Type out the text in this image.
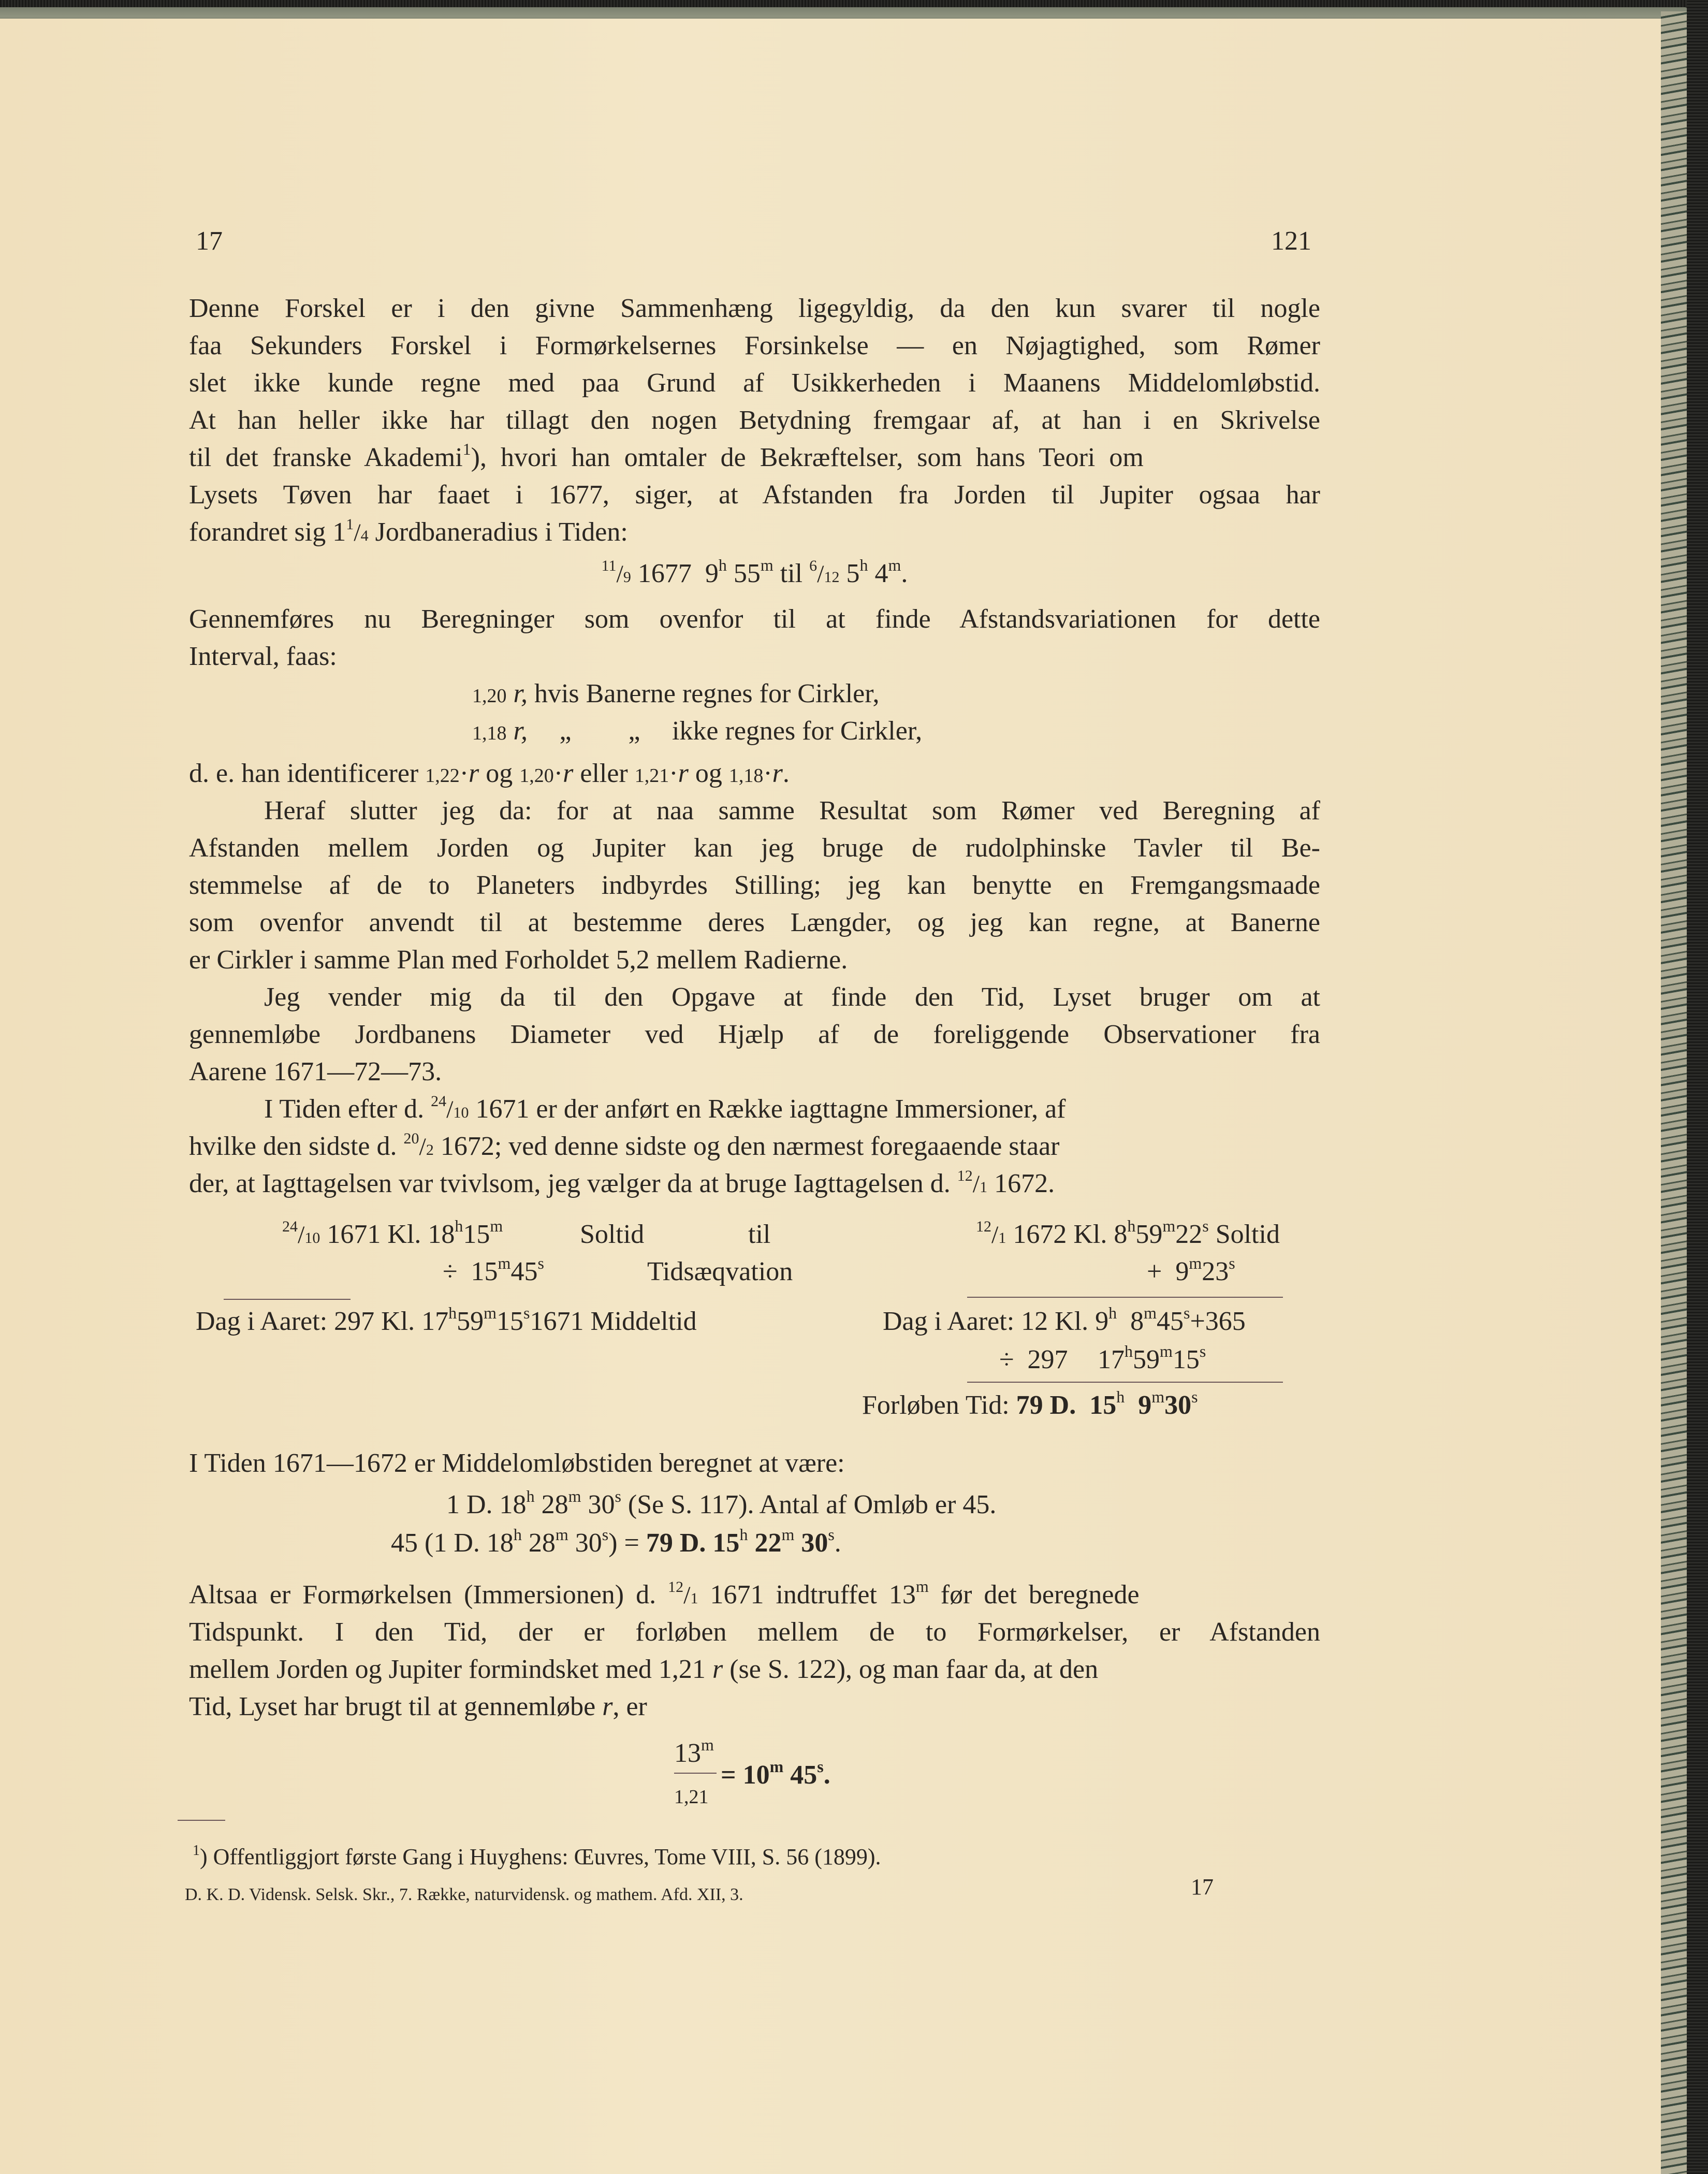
17	121
Denne Forskel er i den givne Sammenhæng ligegyldig, da den kun svarer til nogle
faa Sekunders Forskel i Formørkelsernes Forsinkelse — en Nøjagtighed, som Rømer
slet ikke kunde regne med paa Grund af Usikkerheden i Maanens Middelomløbstid.
At han heller ikke har tillagt den nogen Betydning fremgaar af, at han i en Skrivelse
til det franske Akademi$^1$), hvori han omtaler de Bekræftelser, som hans Teori om
Lysets Tøven har faaet i 1677, siger, at Afstanden fra Jorden til Jupiter ogsaa har
forandret sig $1^1/4$ Jordbaneradius i Tiden:
$^{11}$/9 1677 9$^h$ 55$^m$ til $^6$/12 5$^h$ 4$^m$.
Gennemføres nu Beregninger som ovenfor til at finde Afstandsvariationen for dette
Interval, faas:
1,20 r, hvis Banerne regnes for Cirkler,
1,18 r, „ „ ikke regnes for Cirkler,
d. e. han identificerer 1,22·r og 1,20·r eller 1,21·r og 1,18·r.
Heraf slutter jeg da: for at naa samme Resultat som Rømer ved Beregning af
Afstanden mellem Jorden og Jupiter kan jeg bruge de rudolphinske Tavler til Be-
stemmelse af de to Planeters indbyrdes Stilling; jeg kan benytte en Fremgangsmaade
som ovenfor anvendt til at bestemme deres Længder, og jeg kan regne, at Banerne
er Cirkler i samme Plan med Forholdet 5,2 mellem Radierne.
Jeg vender mig da til den Opgave at finde den Tid, Lyset bruger om at
gennemløbe Jordbanens Diameter ved Hjælp af de foreliggende Observationer fra
Aarene 1671—72—73.
I Tiden efter d. $^{24}$/10 1671 er der anført en Række iagttagne Immersioner, af
hvilke den sidste d. $^{20}$/2 1672; ved denne sidste og den nærmest foregaaende staar
der, at Iagttagelsen var tvivlsom, jeg vælger da at bruge Iagttagelsen d. $^{12}$/1 1672.
$^{24}$/10 1671 Kl. 18$^h$15$^m$	Soltid	til
÷ $15^m45^s$	Tidsæqvation
Dag i Aaret: 297 Kl. 17$^h$59$^m$15$^s$1671 Middeltid
$^{12}$/1 1672 Kl. 8$^h$59$^m$22$^s$ Soltid
+ $9^m23^s$
Dag i Aaret: 12 Kl. 9$^h$ $8^m45^s+365$
÷ 297 17$^h$59$^m$15$^s$
Forløben Tid: 79 D. 15$^h$ 9$^m$30$^s$
I Tiden 1671—1672 er Middelomløbstiden beregnet at være:
1 D. 18$^h$ 28$^m$ 30$^s$ (Se S. 117). Antal af Omløb er 45.
45 (1 D. 18$^h$ 28$^m$ $30^s) = 79$ D. 15$^h$ 22$^m$ 30$^s$.
Altsaa er Formørkelsen (Immersionen) d. $^{12}$/1 1671 indtruffet 13$^m$ før det beregnede
Tidspunkt. I den Tid, der er forløben mellem de to Formørkelser, er Afstanden
mellem Jorden og Jupiter formindsket med 1,21 r (se S. 122), og man faar da, at den
Tid, Lyset har brugt til at gennemløbe r, er
13$^m$
1,21
= $10^m$ 45$^s$.
$^1$) Offentliggjort første Gang i Huyghens: Œuvres, Tome VIII, S. 56 (1899).
D. K. D. Vidensk. Selsk. Skr., 7. Række, naturvidensk. og mathem. Afd. XII, 3.	17
